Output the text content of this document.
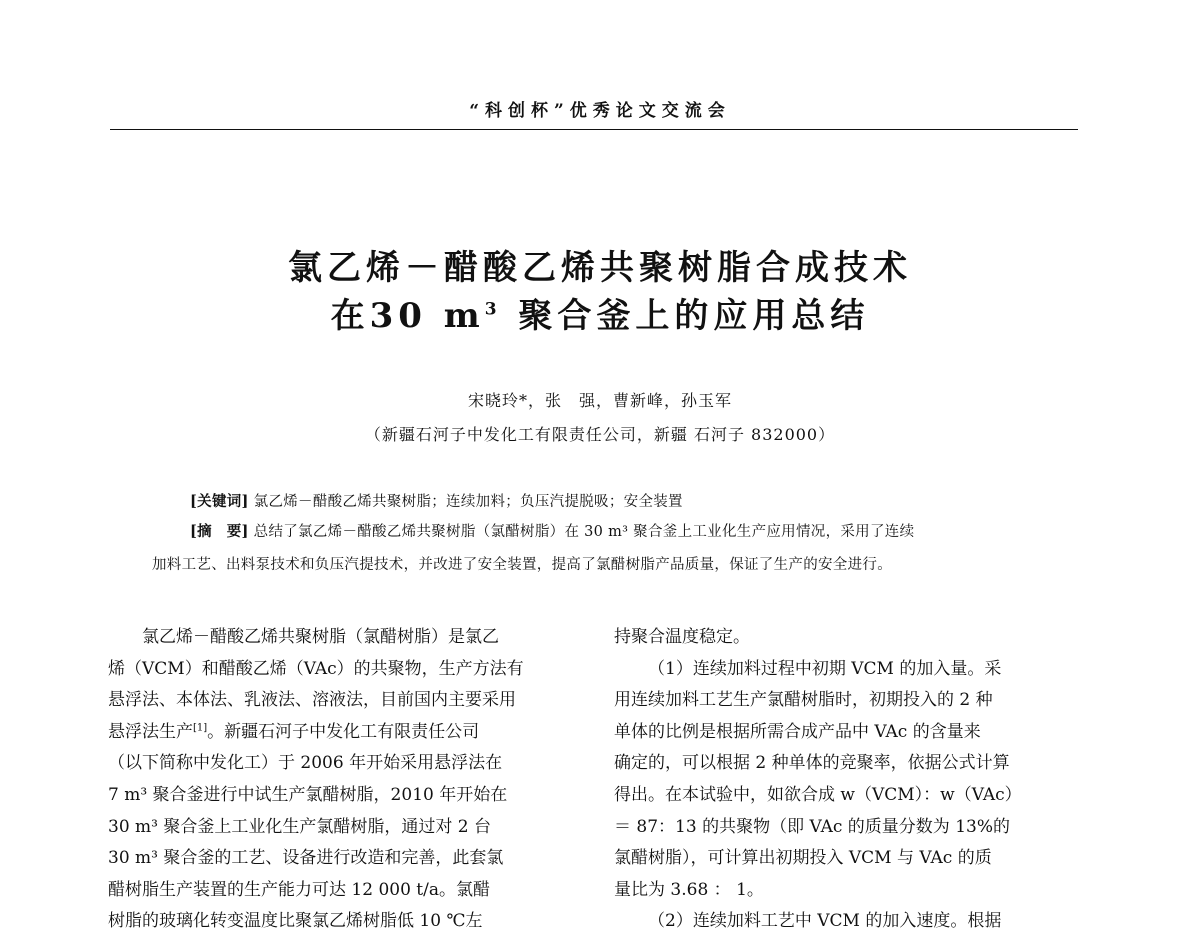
“科创杯”优秀论文交流会
氯乙烯－醋酸乙烯共聚树脂合成技术
在30 $m^3$ 聚合釜上的应用总结
宋晓玲*，张　强，曹新峰，孙玉军
（新疆石河子中发化工有限责任公司，新疆 石河子 832000）
[关键词] 氯乙烯－醋酸乙烯共聚树脂；连续加料；负压汽提脱吸；安全装置
[摘　要] 总结了氯乙烯－醋酸乙烯共聚树脂（氯醋树脂）在 30 m³ 聚合釜上工业化生产应用情况，采用了连续
加料工艺、出料泵技术和负压汽提技术，并改进了安全装置，提高了氯醋树脂产品质量，保证了生产的安全进行。
氯乙烯－醋酸乙烯共聚树脂（氯醋树脂）是氯乙
烯（VCM）和醋酸乙烯（VAc）的共聚物，生产方法有
悬浮法、本体法、乳液法、溶液法，目前国内主要采用
悬浮法生产[1]。新疆石河子中发化工有限责任公司
（以下简称中发化工）于 2006 年开始采用悬浮法在
7 m³ 聚合釜进行中试生产氯醋树脂，2010 年开始在
30 m³ 聚合釜上工业化生产氯醋树脂，通过对 2 台
30 m³ 聚合釜的工艺、设备进行改造和完善，此套氯
醋树脂生产装置的生产能力可达 12 000 t/a。氯醋
树脂的玻璃化转变温度比聚氯乙烯树脂低 10 ℃左
持聚合温度稳定。
（1）连续加料过程中初期 VCM 的加入量。采
用连续加料工艺生产氯醋树脂时，初期投入的 2 种
单体的比例是根据所需合成产品中 VAc 的含量来
确定的，可以根据 2 种单体的竞聚率，依据公式计算
得出。在本试验中，如欲合成 w（VCM）：w（VAc）
＝ 87：13 的共聚物（即 VAc 的质量分数为 13%的
氯醋树脂），可计算出初期投入 VCM 与 VAc 的质
量比为 3.68 ： 1。
（2）连续加料工艺中 VCM 的加入速度。根据
